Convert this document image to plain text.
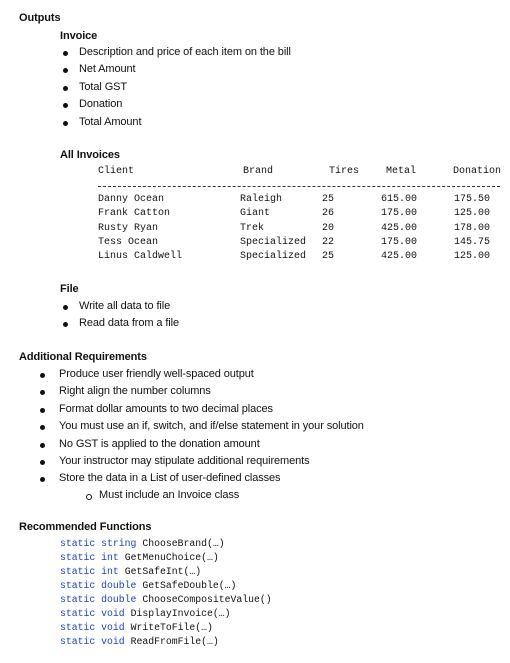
Outputs
Invoice
Description and price of each item on the bill
Net Amount
Total GST
Donation
Total Amount
All Invoices
Client	Brand	Tires	Metal	Donation
Danny Ocean	Raleigh	25	615.00	175.50
Frank Catton	Giant	26	175.00	125.00
Rusty Ryan	Trek	20	425.00	178.00
Tess Ocean	Specialized 22	175.00	145.75
Linus Caldwell	Specialized 25	425.00	125.00
File
Write all data to file
Read data from a file
Additional Requirements
Produce user friendly well-spaced output
Right align the number columns
Format dollar amounts to two decimal places
You must use an if, switch, and if/else statement in your solution
No GST is applied to the donation amount
Your instructor may stipulate additional requirements
Store the data in a List of user-defined classes
Must include an Invoice class
Recommended Functions
static string ChooseBrand(…)
static int GetMenuChoice(…)
static int GetSafeInt(…)
static double GetSafeDouble(…)
static double ChooseCompositeValue()
static void DisplayInvoice(…)
static void WriteToFile(…)
static void ReadFromFile(…)
